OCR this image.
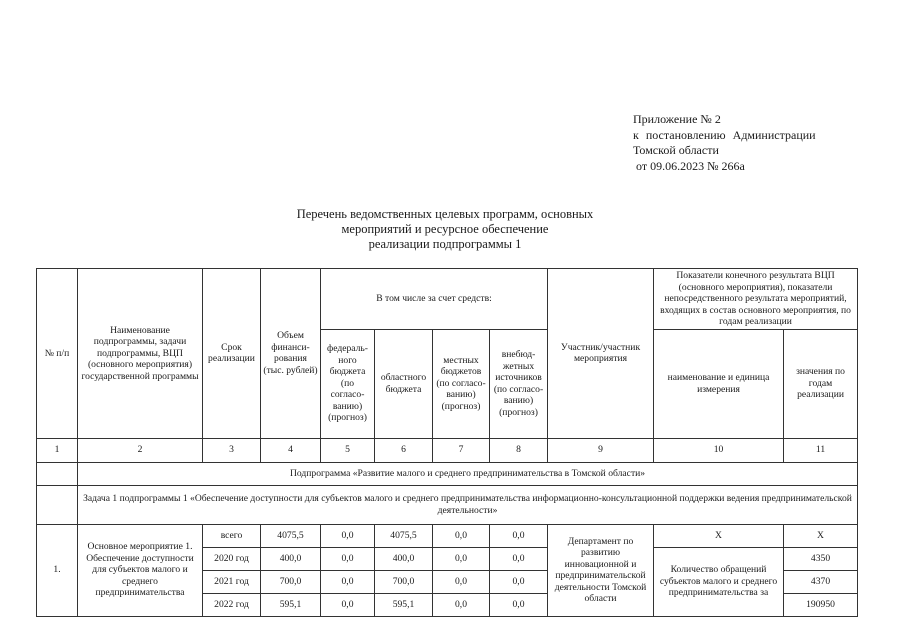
Приложение № 2
к постановлению Администрации
Томской области
от 09.06.2023 № 266а
Перечень ведомственных целевых программ, основных
мероприятий и ресурсное обеспечение
реализации подпрограммы 1
№ п/п	Наименование подпрограммы, задачи подпрограммы, ВЦП (основного мероприятия) государственной программы	Срок реализации	Объем финанси-рования (тыс. рублей)	В том числе за счет средств:				Участник/участник мероприятия	Показатели конечного результата ВЦП (основного мероприятия), показатели непосредственного результата мероприятий, входящих в состав основного мероприятия, по годам реализации	
				федераль-ного бюджета (по согласо-ванию) (прогноз)	областного бюджета	местных бюджетов (по согласо-ванию) (прогноз)	внебюд-жетных источников (по согласо-ванию) (прогноз)		наименование и единица измерения	значения по годам реализации
1	2	3	4	5	6	7	8	9	10	11
	Подпрограмма «Развитие малого и среднего предпринимательства в Томской области»									
	Задача 1 подпрограммы 1 «Обеспечение доступности для субъектов малого и среднего предпринимательства информационно-консультационной поддержки ведения предпринимательской деятельности»									
1.	Основное мероприятие 1. Обеспечение доступности для субъектов малого и среднего предпринимательства	всего	4075,5	0,0	4075,5	0,0	0,0	Департамент по развитию инновационной и предпринимательской деятельности Томской области	X	X
		2020 год	400,0	0,0	400,0	0,0	0,0		Количество обращений субъектов малого и среднего предпринимательства за	4350
		2021 год	700,0	0,0	700,0	0,0	0,0			4370
		2022 год	595,1	0,0	595,1	0,0	0,0			190950
